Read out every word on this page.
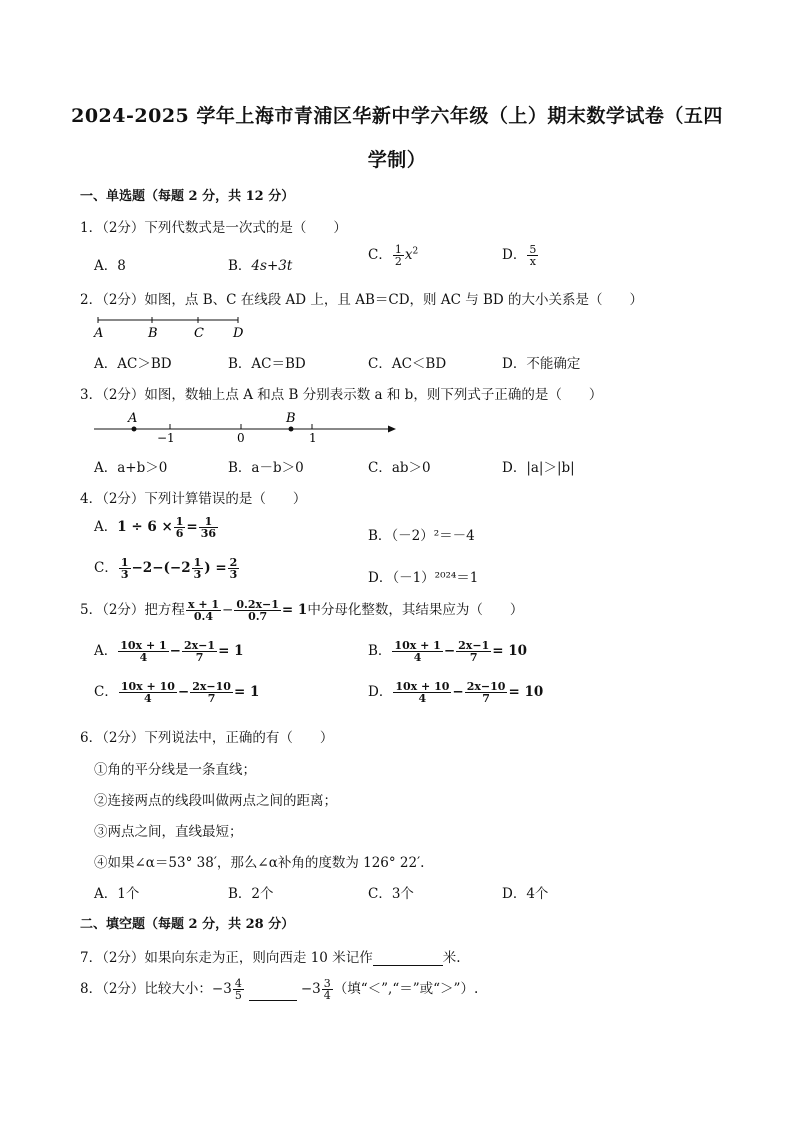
2024-2025 学年上海市青浦区华新中学六年级（上）期末数学试卷（五四
学制）
一、单选题（每题 2 分，共 12 分）
1．（2分）下列代数式是一次式的是（　　）
A．8	B．4s+3t
C． $\frac{1}{2} x^2$	D． $\frac{5}{x}$
2．（2分）如图，点 B、C 在线段 AD 上，且 AB＝CD，则 AC 与 BD 的大小关系是（　　）
A	B	C D
A．AC＞BD	B．AC＝BD	C．AC＜BD	D．不能确定
3．（2分）如图，数轴上点 A 和点 B 分别表示数 a 和 b，则下列式子正确的是（　　）
A
−1	0
B
1
A．a+b＞0	B．a－b＞0	C．ab＞0	D．|a|＞|b|
4．（2分）下列计算错误的是（　　）
A．$1 \div 6 \times \frac{1}{6} = \frac{1}{36}$	B．（－2）²＝－4
C． $\frac{1}{3} -2-(-2 \frac{1}{3}$ ) = $\frac{2}{3}$	D．（－1）²⁰²⁴＝1
5．（2分）把方程 $\frac{x + 1}{0.4} - \frac{0.2x-1}{0.7} = 1$中分母化整数，其结果应为（　　）
A． $\frac{10x + 1}{4} - \frac{2x-1}{7} = 1$	B． $\frac{10x + 1}{4} - \frac{2x-1}{7} = 10$
C． $\frac{10x + 10}{4} - \frac{2x-10}{7} = 1$	D． $\frac{10x + 10}{4} - \frac{2x-10}{7} = 10$
6．（2分）下列说法中，正确的有（　　）
①角的平分线是一条直线；
②连接两点的线段叫做两点之间的距离；
③两点之间，直线最短；
④如果∠α＝53° 38′，那么∠α补角的度数为 126° 22′.
A．1个	B．2个	C．3个	D．4个
二、填空题（每题 2 分，共 28 分）
7．（2分）如果向东走为正，则向西走 10 米记作	米.
8．（2分）比较大小：$-3 \frac{4}{5}$	$-3 \frac{3}{4}$ （填“＜”,“＝”或“＞”）.
